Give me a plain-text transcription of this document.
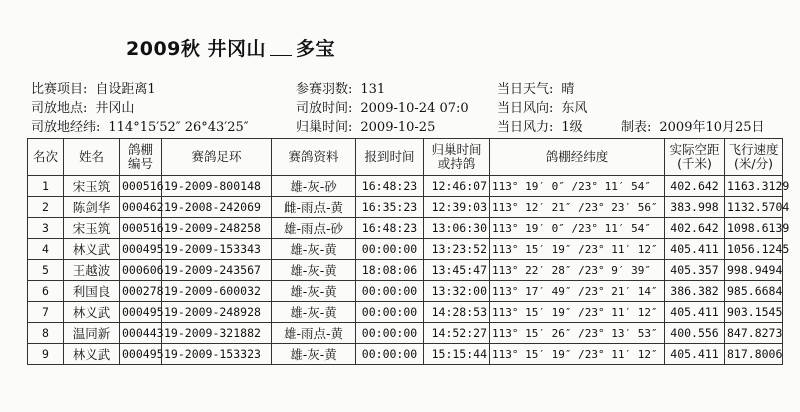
2009秋 井冈山 多宝
比赛项目: 自设距离1
司放地点: 井冈山
司放地经纬: 114°15′52″ 26°43′25″
参赛羽数: 131
司放时间: 2009-10-24 07:0
归巢时间: 2009-10-25
当日天气: 晴
当日风向: 东风
当日风力: 1级	制表: 2009年10月25日
名次	姓名	鸽棚编号	赛鸽足环	赛鸽资料	报到时间	归巢时间或持鸽	鸽棚经纬度	实际空距(千米)	飞行速度(米/分)
1	宋玉筑	000516	19-2009-800148	雄-灰-砂	16:48:23	12:46:07	113° 19′ 0″ /23° 11′ 54″	402.642	1163.3129
2	陈剑华	000462	19-2008-242069	雌-雨点-黄	16:35:23	12:39:03	113° 12′ 21″ /23° 23′ 56″	383.998	1132.5704
3	宋玉筑	000516	19-2009-248258	雄-雨点-砂	16:48:23	13:06:30	113° 19′ 0″ /23° 11′ 54″	402.642	1098.6139
4	林义武	000495	19-2009-153343	雄-灰-黄	00:00:00	13:23:52	113° 15′ 19″ /23° 11′ 12″	405.411	1056.1245
5	王越波	000606	19-2009-243567	雄-灰-黄	18:08:06	13:45:47	113° 22′ 28″ /23° 9′ 39″	405.357	998.9494
6	利国良	000278	19-2009-600032	雄-灰-黄	00:00:00	13:32:00	113° 17′ 49″ /23° 21′ 14″	386.382	985.6684
7	林义武	000495	19-2009-248928	雄-灰-黄	00:00:00	14:28:53	113° 15′ 19″ /23° 11′ 12″	405.411	903.1545
8	温同新	000443	19-2009-321882	雄-雨点-黄	00:00:00	14:52:27	113° 15′ 26″ /23° 13′ 53″	400.556	847.8273
9	林义武	000495	19-2009-153323	雄-灰-黄	00:00:00	15:15:44	113° 15′ 19″ /23° 11′ 12″	405.411	817.8006
